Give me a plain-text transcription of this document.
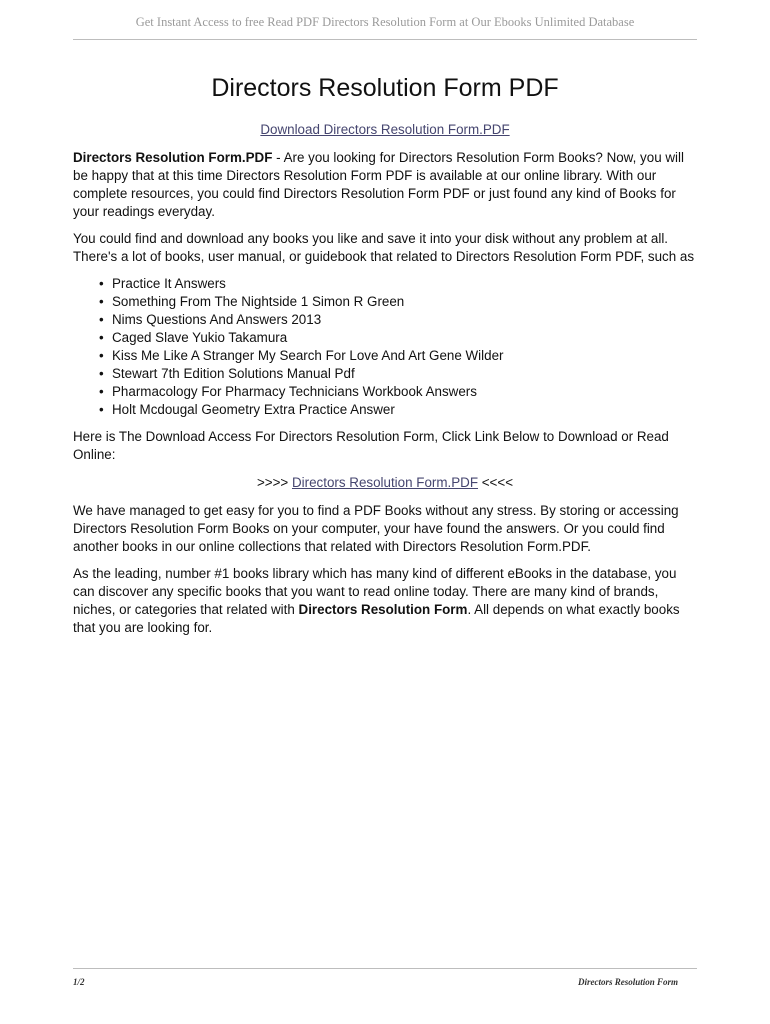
Get Instant Access to free Read PDF Directors Resolution Form at Our Ebooks Unlimited Database
Directors Resolution Form PDF
Download Directors Resolution Form.PDF

Directors Resolution Form.PDF - Are you looking for Directors Resolution Form Books? Now, you will be happy that at this time Directors Resolution Form PDF is available at our online library. With our complete resources, you could find Directors Resolution Form PDF or just found any kind of Books for your readings everyday.

You could find and download any books you like and save it into your disk without any problem at all. There's a lot of books, user manual, or guidebook that related to Directors Resolution Form PDF, such as

• Practice It Answers
• Something From The Nightside 1 Simon R Green
• Nims Questions And Answers 2013
• Caged Slave Yukio Takamura
• Kiss Me Like A Stranger My Search For Love And Art Gene Wilder
• Stewart 7th Edition Solutions Manual Pdf
• Pharmacology For Pharmacy Technicians Workbook Answers
• Holt Mcdougal Geometry Extra Practice Answer

Here is The Download Access For Directors Resolution Form, Click Link Below to Download or Read Online:

>>>> Directors Resolution Form.PDF <<<<

We have managed to get easy for you to find a PDF Books without any stress. By storing or accessing Directors Resolution Form Books on your computer, your have found the answers. Or you could find another books in our online collections that related with Directors Resolution Form.PDF.

As the leading, number #1 books library which has many kind of different eBooks in the database, you can discover any specific books that you want to read online today. There are many kind of brands, niches, or categories that related with Directors Resolution Form. All depends on what exactly books that you are looking for.

1/2	Directors Resolution Form
